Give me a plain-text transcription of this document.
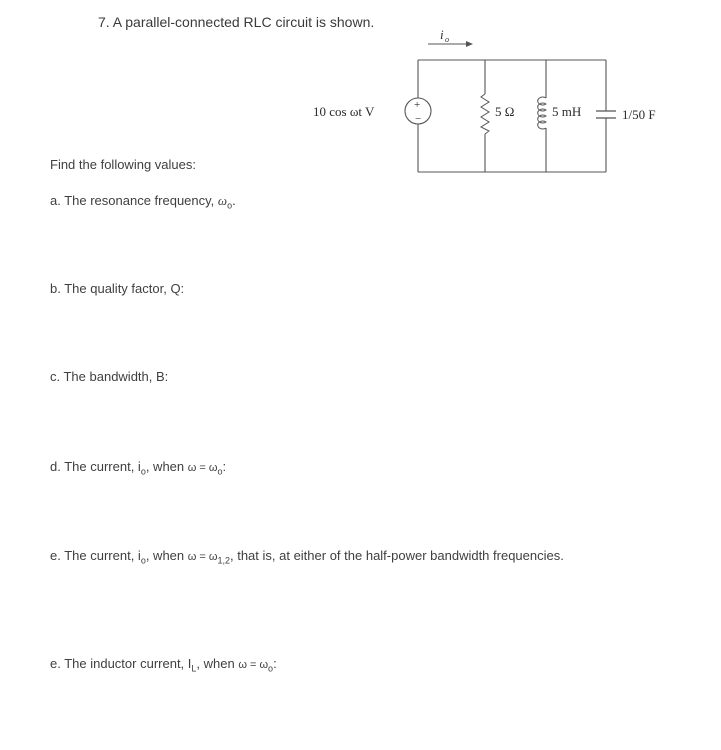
7. A parallel-connected RLC circuit is shown.
i o
+
−
10 cos ωt V	5 Ω	5 mH	1/50 F
Find the following values:
a. The resonance frequency, $\omega_o$.
b. The quality factor, Q:
c. The bandwidth, B:
d. The current, $i_o$, when $\omega = \omega_o$:
e. The current, $i_o$, when $\omega = \omega_{1,2}$, that is, at either of the half-power bandwidth frequencies.
e. The inductor current, $I_L$, when $\omega = \omega_o$:
